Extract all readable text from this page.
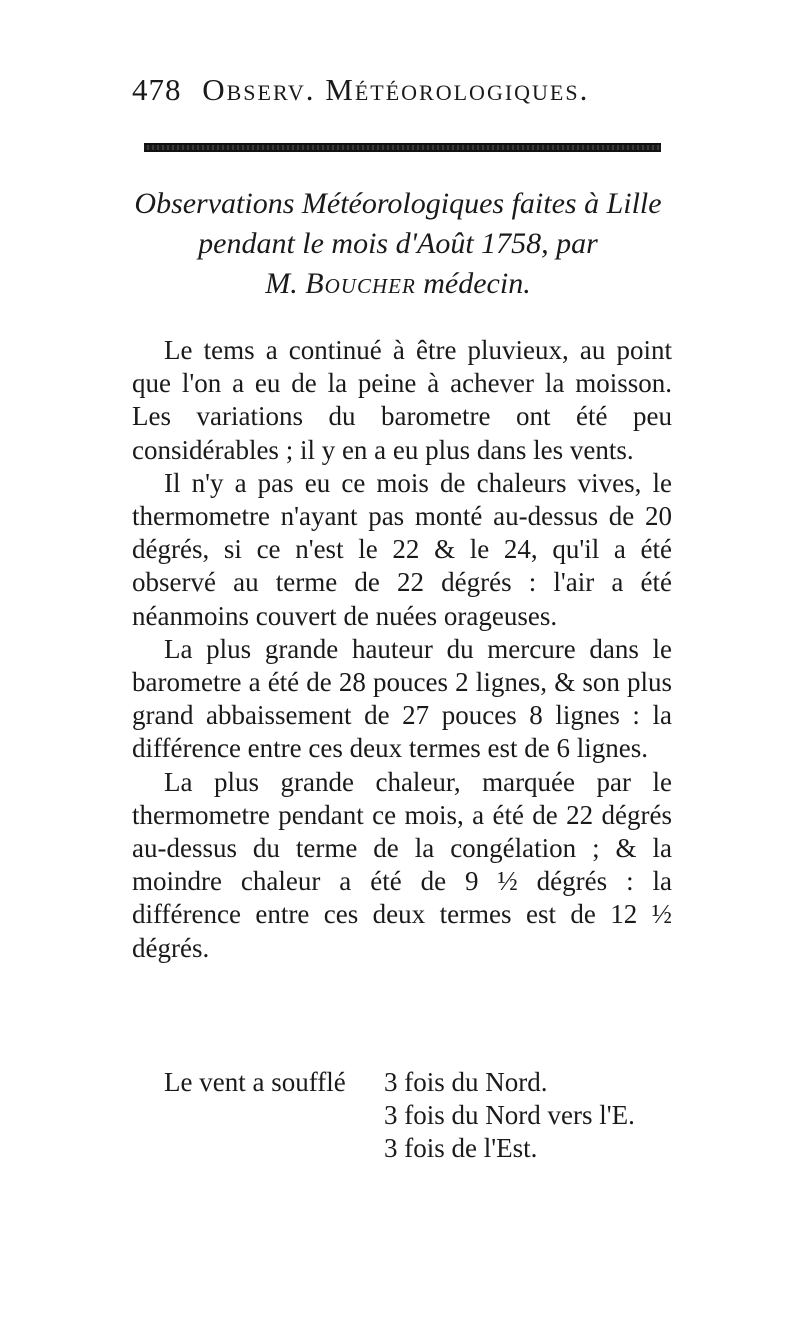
478 Observ. Météorologiques.
Observations Météorologiques faites à Lille
pendant le mois d'Août 1758, par
M. Boucher médecin.

Le tems a continué à être pluvieux, au point que l'on a eu de la peine à achever la moisson. Les variations du barometre ont été peu considérables ; il y en a eu plus dans les vents.

Il n'y a pas eu ce mois de chaleurs vives, le thermometre n'ayant pas monté au-dessus de 20 dégrés, si ce n'est le 22 & le 24, qu'il a été observé au terme de 22 dégrés : l'air a été néanmoins couvert de nuées orageuses.

La plus grande hauteur du mercure dans le barometre a été de 28 pouces 2 lignes, & son plus grand abbaissement de 27 pouces 8 lignes : la différence entre ces deux termes est de 6 lignes.

La plus grande chaleur, marquée par le thermometre pendant ce mois, a été de 22 dégrés au-dessus du terme de la congélation ; & la moindre chaleur a été de 9 ½ dégrés : la différence entre ces deux termes est de 12 ½ dégrés.

Le vent a soufflé 3 fois du Nord.
3 fois du Nord vers l'E.
3 fois de l'Est.
